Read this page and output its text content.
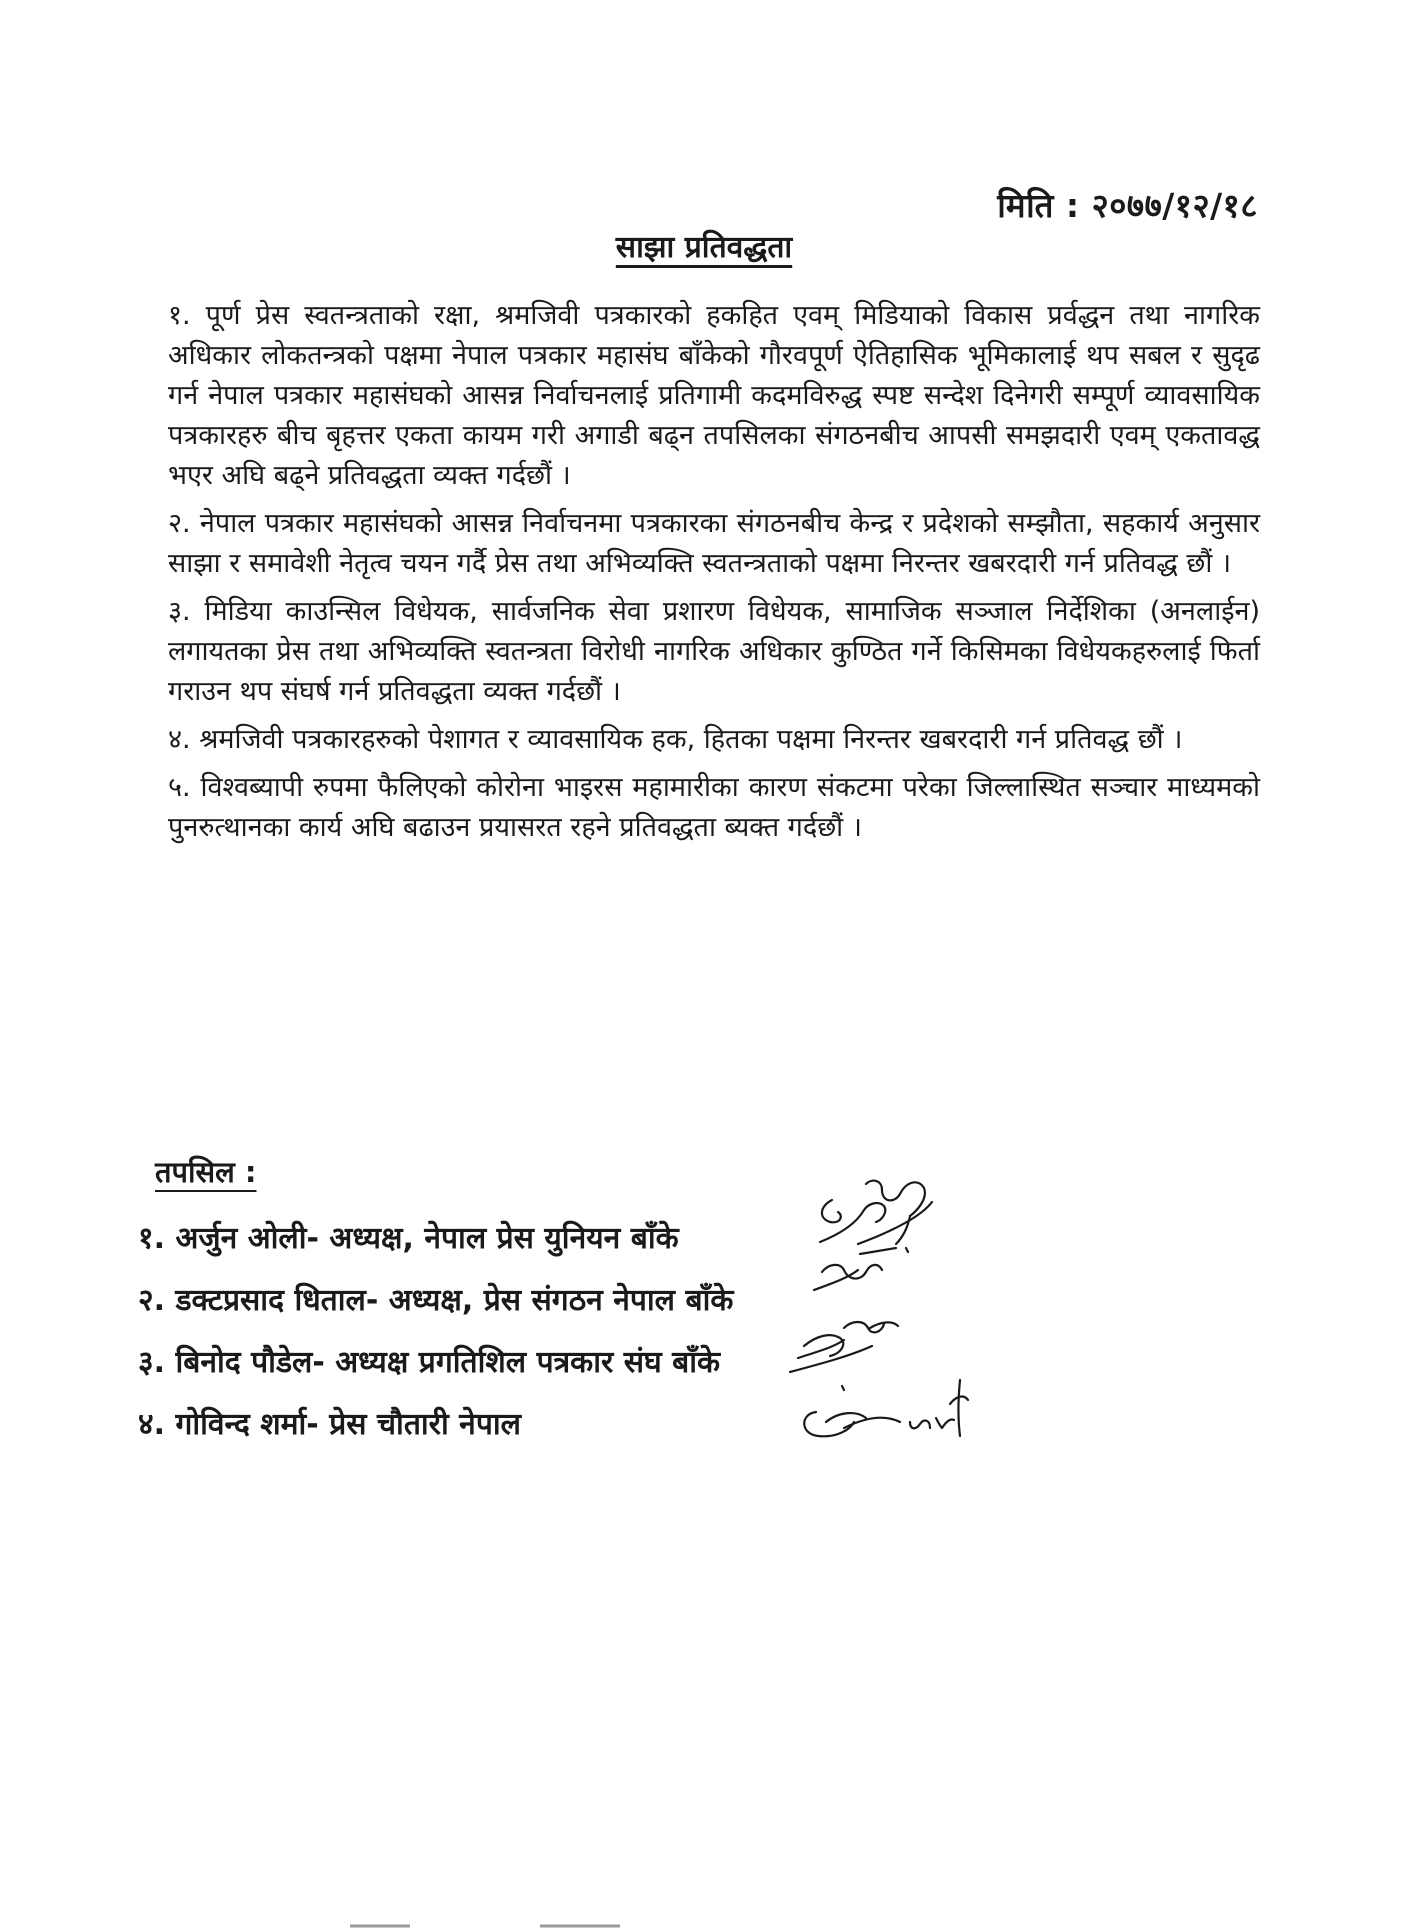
मिति : २०७७/१२/१८
साझा प्रतिवद्धता

१. पूर्ण प्रेस स्वतन्त्रताको रक्षा, श्रमजिवी पत्रकारको हकहित एवम् मिडियाको विकास प्रर्वद्धन तथा नागरिक अधिकार लोकतन्त्रको पक्षमा नेपाल पत्रकार महासंघ बाँकेको गौरवपूर्ण ऐतिहासिक भूमिकालाई थप सबल र सुदृढ गर्न नेपाल पत्रकार महासंघको आसन्न निर्वाचनलाई प्रतिगामी कदमविरुद्ध स्पष्ट सन्देश दिनेगरी सम्पूर्ण व्यावसायिक पत्रकारहरु बीच बृहत्तर एकता कायम गरी अगाडी बढ्न तपसिलका संगठनबीच आपसी समझदारी एवम् एकतावद्ध भएर अघि बढ्ने प्रतिवद्धता व्यक्त गर्दछौं ।

२. नेपाल पत्रकार महासंघको आसन्न निर्वाचनमा पत्रकारका संगठनबीच केन्द्र र प्रदेशको सम्झौता, सहकार्य अनुसार साझा र समावेशी नेतृत्व चयन गर्दै प्रेस तथा अभिव्यक्ति स्वतन्त्रताको पक्षमा निरन्तर खबरदारी गर्न प्रतिवद्ध छौं ।

३. मिडिया काउन्सिल विधेयक, सार्वजनिक सेवा प्रशारण विधेयक, सामाजिक सञ्जाल निर्देशिका (अनलाईन) लगायतका प्रेस तथा अभिव्यक्ति स्वतन्त्रता विरोधी नागरिक अधिकार कुण्ठित गर्ने किसिमका विधेयकहरुलाई फिर्ता गराउन थप संघर्ष गर्न प्रतिवद्धता व्यक्त गर्दछौं ।

४. श्रमजिवी पत्रकारहरुको पेशागत र व्यावसायिक हक, हितका पक्षमा निरन्तर खबरदारी गर्न प्रतिवद्ध छौं ।

५. विश्वब्यापी रुपमा फैलिएको कोरोना भाइरस महामारीका कारण संकटमा परेका जिल्लास्थित सञ्चार माध्यमको पुनरुत्थानका कार्य अघि बढाउन प्रयासरत रहने प्रतिवद्धता ब्यक्त गर्दछौं ।

तपसिल :
१. अर्जुन ओली- अध्यक्ष, नेपाल प्रेस युनियन बाँके
२. डक्टप्रसाद धिताल- अध्यक्ष, प्रेस संगठन नेपाल बाँके
३. बिनोद पौडेल- अध्यक्ष प्रगतिशिल पत्रकार संघ बाँके
४. गोविन्द शर्मा- प्रेस चौतारी नेपाल
